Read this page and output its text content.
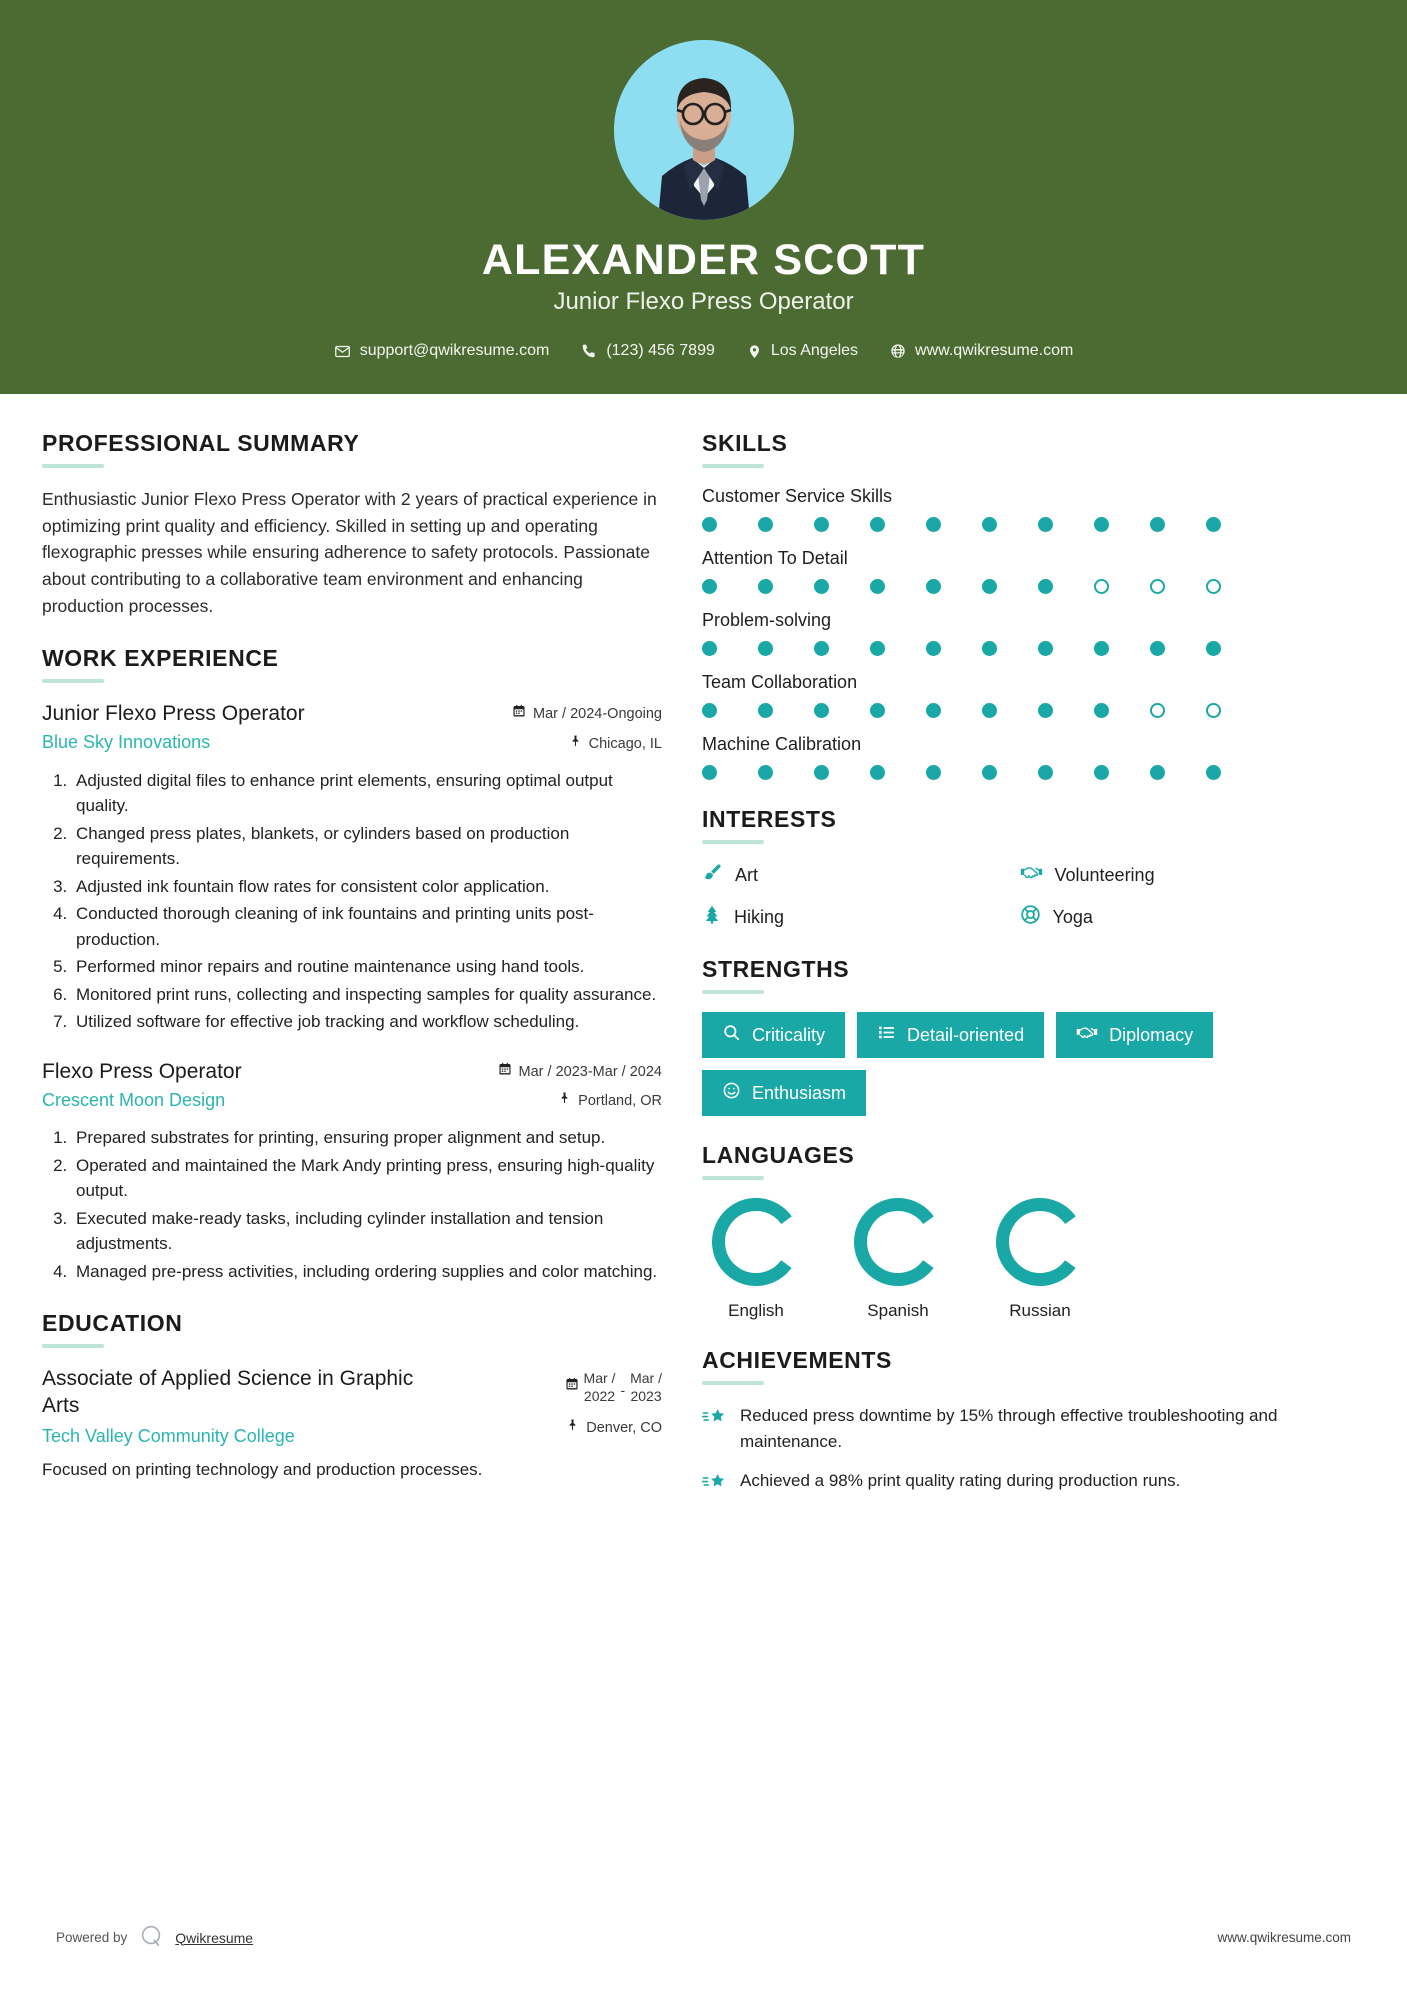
ALEXANDER SCOTT
Junior Flexo Press Operator
support@qwikresume.com	(123) 456 7899	Los Angeles	www.qwikresume.com
PROFESSIONAL SUMMARY
Enthusiastic Junior Flexo Press Operator with 2 years of practical experience in optimizing print quality and efficiency. Skilled in setting up and operating flexographic presses while ensuring adherence to safety protocols. Passionate about contributing to a collaborative team environment and enhancing production processes.
WORK EXPERIENCE
Junior Flexo Press Operator
Blue Sky Innovations
Mar / 2024-Ongoing
Chicago, IL
1. Adjusted digital files to enhance print elements, ensuring optimal output quality.
2. Changed press plates, blankets, or cylinders based on production requirements.
3. Adjusted ink fountain flow rates for consistent color application.
4. Conducted thorough cleaning of ink fountains and printing units post-production.
5. Performed minor repairs and routine maintenance using hand tools.
6. Monitored print runs, collecting and inspecting samples for quality assurance.
7. Utilized software for effective job tracking and workflow scheduling.
Flexo Press Operator
Crescent Moon Design
Mar / 2023-Mar / 2024
Portland, OR
1. Prepared substrates for printing, ensuring proper alignment and setup.
2. Operated and maintained the Mark Andy printing press, ensuring high-quality output.
3. Executed make-ready tasks, including cylinder installation and tension adjustments.
4. Managed pre-press activities, including ordering supplies and color matching.
EDUCATION
Associate of Applied Science in Graphic Arts
Tech Valley Community College
Mar /
2022 -
Mar /
2023
Denver, CO
Focused on printing technology and production processes.
SKILLS
Customer Service Skills
Attention To Detail
Problem-solving
Team Collaboration
Machine Calibration
INTERESTS
Art	Volunteering
Hiking	Yoga
STRENGTHS
Criticality	Detail-oriented	Diplomacy
Enthusiasm
LANGUAGES
English	Spanish	Russian
ACHIEVEMENTS
Reduced press downtime by 15% through effective troubleshooting and maintenance.
Achieved a 98% print quality rating during production runs.
Powered by	Qwikresume	www.qwikresume.com
